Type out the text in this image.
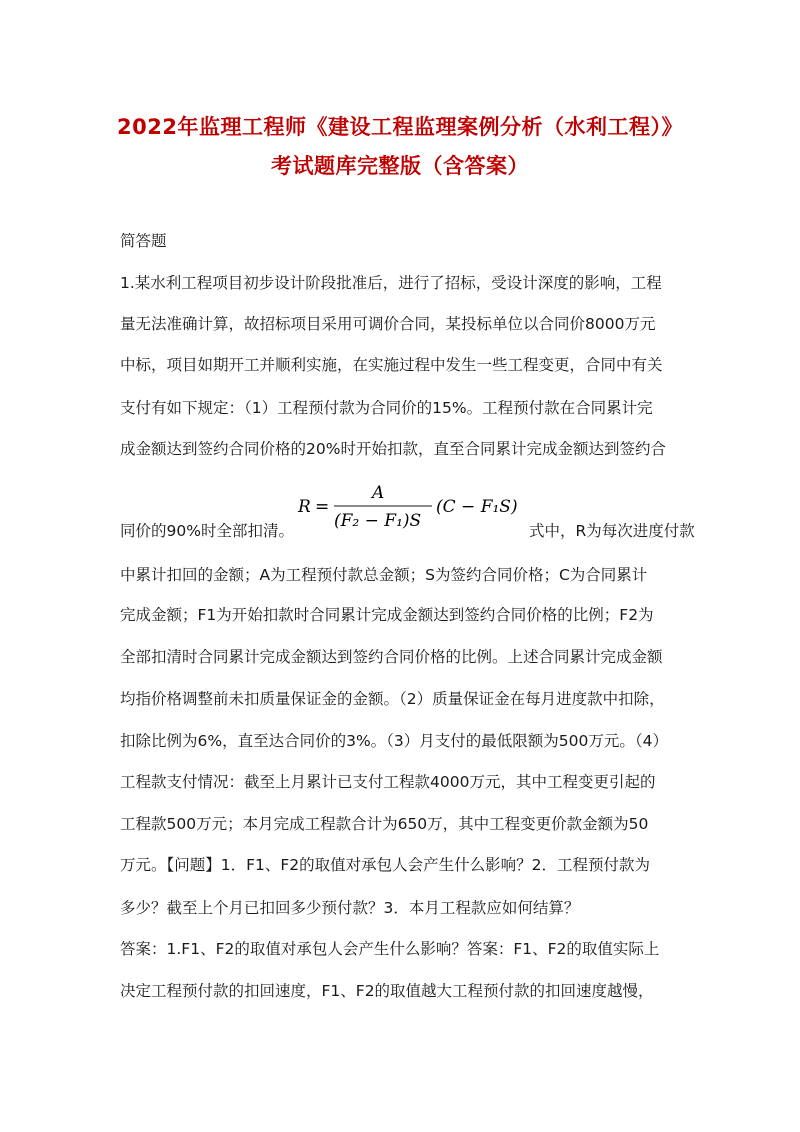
2022年监理工程师《建设工程监理案例分析（水利工程）》
考试题库完整版（含答案）
简答题
1.某水利工程项目初步设计阶段批准后，进行了招标，受设计深度的影响，工程
量无法准确计算，故招标项目采用可调价合同，某投标单位以合同价8000万元
中标，项目如期开工并顺利实施，在实施过程中发生一些工程变更，合同中有关
支付有如下规定：（1）工程预付款为合同价的15%。工程预付款在合同累计完
成金额达到签约合同价格的20%时开始扣款，直至合同累计完成金额达到签约合
同价的90%时全部扣清。
R =
A
(F₂ − F₁)S
(C − F₁S)
式中，R为每次进度付款
中累计扣回的金额；A为工程预付款总金额；S为签约合同价格；C为合同累计
完成金额；F1为开始扣款时合同累计完成金额达到签约合同价格的比例；F2为
全部扣清时合同累计完成金额达到签约合同价格的比例。上述合同累计完成金额
均指价格调整前未扣质量保证金的金额。（2）质量保证金在每月进度款中扣除，
扣除比例为6%，直至达合同价的3%。（3）月支付的最低限额为500万元。（4）
工程款支付情况：截至上月累计已支付工程款4000万元，其中工程变更引起的
工程款500万元；本月完成工程款合计为650万，其中工程变更价款金额为50
万元。【问题】1．F1、F2的取值对承包人会产生什么影响？2．工程预付款为
多少？截至上个月已扣回多少预付款？3．本月工程款应如何结算？
答案：1.F1、F2的取值对承包人会产生什么影响？答案：F1、F2的取值实际上
决定工程预付款的扣回速度，F1、F2的取值越大工程预付款的扣回速度越慢，
